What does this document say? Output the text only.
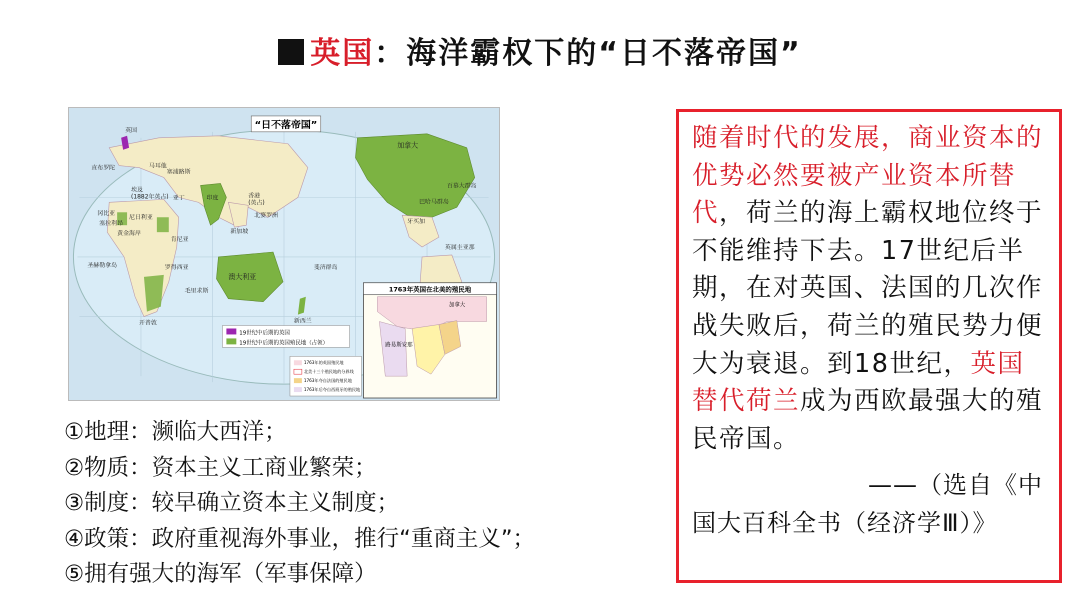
英国：海洋霸权下的“日不落帝国”
“日不落帝国”
英国
加拿大
澳大利亚
印度
埃及(1882年英占)
马耳他
塞浦路斯
亚丁
新加坡
香港(英占)
新西兰
开普敦
冈比亚
塞拉利昂
黄金海岸
尼日利亚
肯尼亚
罗得西亚	斐济群岛
百慕大群岛
巴哈马群岛
牙买加
英属圭亚那
圣赫勒拿岛
毛里求斯
北婆罗洲
直布罗陀
19世纪中后期的英国
19世纪中后期的英国殖民地（占领）
1763年英国在北美的殖民地
加拿大
路易斯安那
1763年的英国殖民地
北美十三个殖民地的分界线
1763年夺自法国的殖民地
1763年后夺自西班牙的殖民地
①地理：濒临大西洋；
②物质：资本主义工商业繁荣；
③制度：较早确立资本主义制度；
④政策：政府重视海外事业，推行“重商主义”；
⑤拥有强大的海军（军事保障）
随着时代的发展，商业资本的优势必然要被产业资本所替代，荷兰的海上霸权地位终于不能维持下去。17世纪后半期，在对英国、法国的几次作战失败后，荷兰的殖民势力便大为衰退。到18世纪，英国替代荷兰成为西欧最强大的殖民帝国。
——（选自《中
国大百科全书（经济学Ⅲ）》
